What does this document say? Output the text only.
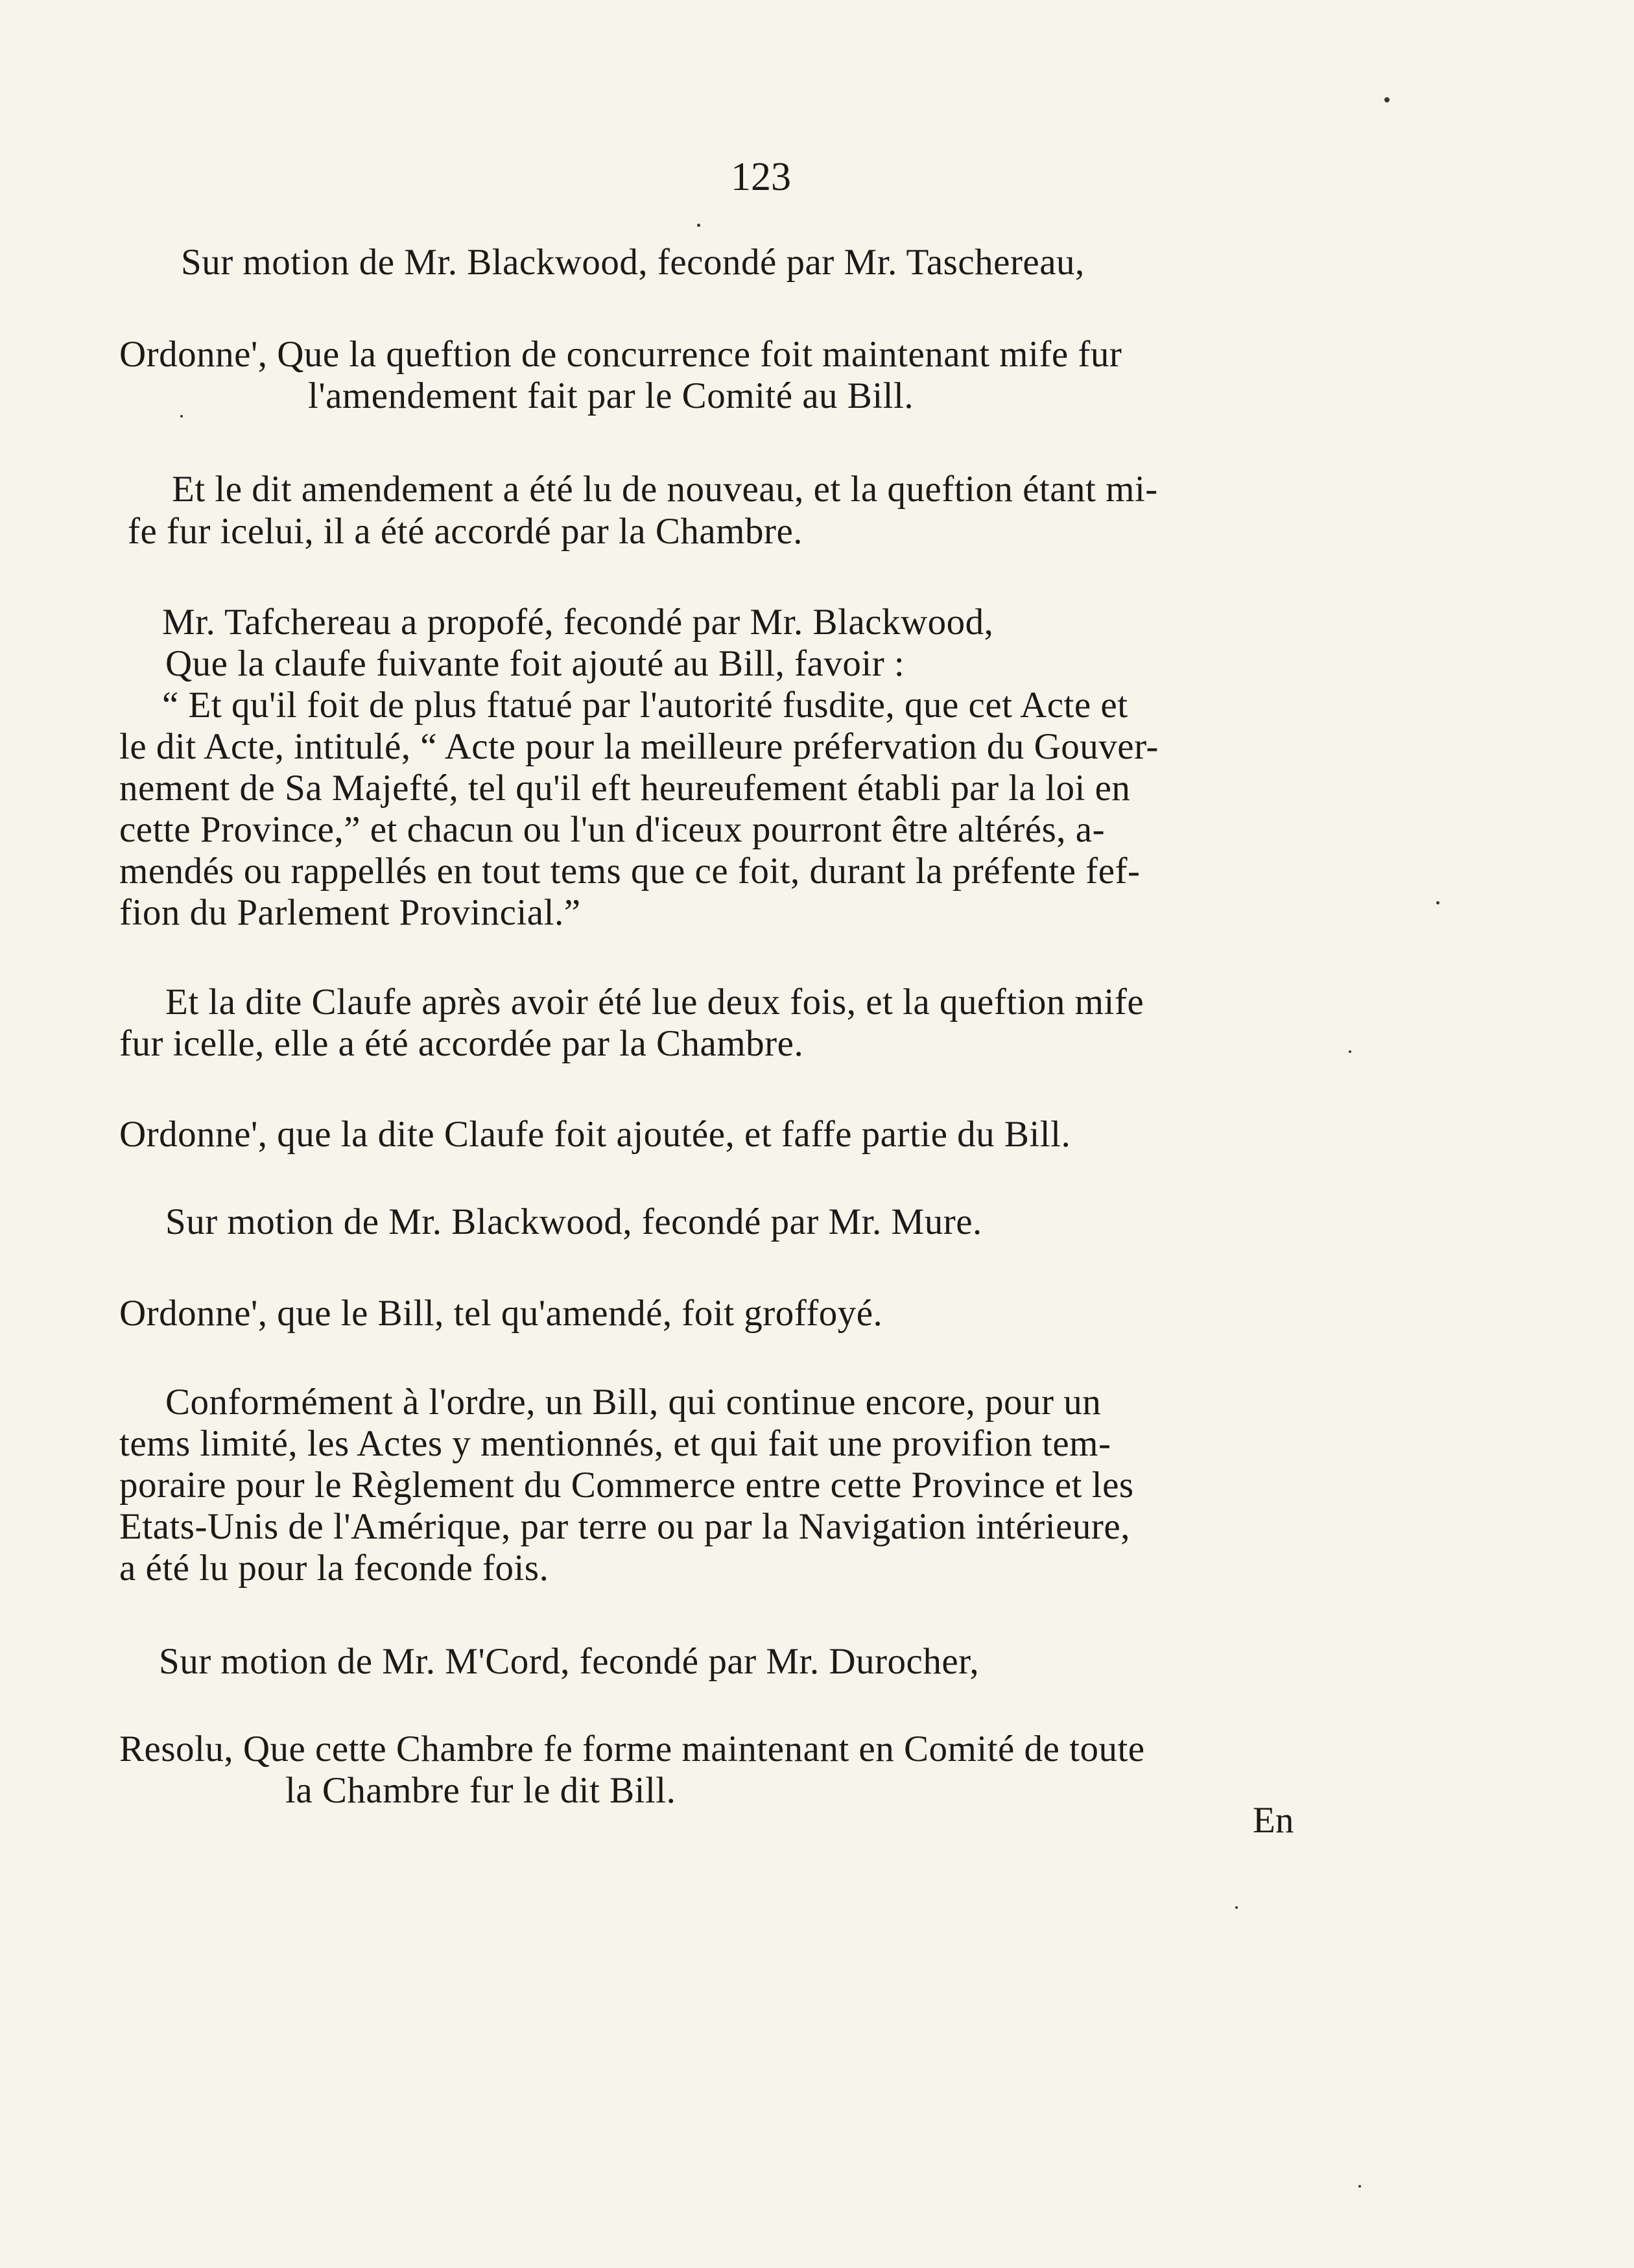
123
Sur motion de Mr. Blackwood, fecondé par Mr. Taschereau,
Ordonne', Que la queftion de concurrence foit maintenant mife fur
l'amendement fait par le Comité au Bill.
Et le dit amendement a été lu de nouveau, et la queftion étant mi-
fe fur icelui, il a été accordé par la Chambre.
Mr. Tafchereau a propofé, fecondé par Mr. Blackwood,
Que la claufe fuivante foit ajouté au Bill, favoir :
“ Et qu'il foit de plus ftatué par l'autorité fusdite, que cet Acte et
le dit Acte, intitulé, “ Acte pour la meilleure préfervation du Gouver-
nement de Sa Majefté, tel qu'il eft heureufement établi par la loi en
cette Province,” et chacun ou l'un d'iceux pourront être altérés, a-
mendés ou rappellés en tout tems que ce foit, durant la préfente fef-
fion du Parlement Provincial.”
Et la dite Claufe après avoir été lue deux fois, et la queftion mife
fur icelle, elle a été accordée par la Chambre.
Ordonne', que la dite Claufe foit ajoutée, et faffe partie du Bill.
Sur motion de Mr. Blackwood, fecondé par Mr. Mure.
Ordonne', que le Bill, tel qu'amendé, foit groffoyé.
Conformément à l'ordre, un Bill, qui continue encore, pour un
tems limité, les Actes y mentionnés, et qui fait une provifion tem-
poraire pour le Règlement du Commerce entre cette Province et les
Etats-Unis de l'Amérique, par terre ou par la Navigation intérieure,
a été lu pour la feconde fois.
Sur motion de Mr. M'Cord, fecondé par Mr. Durocher,
Resolu, Que cette Chambre fe forme maintenant en Comité de toute
la Chambre fur le dit Bill.
En
